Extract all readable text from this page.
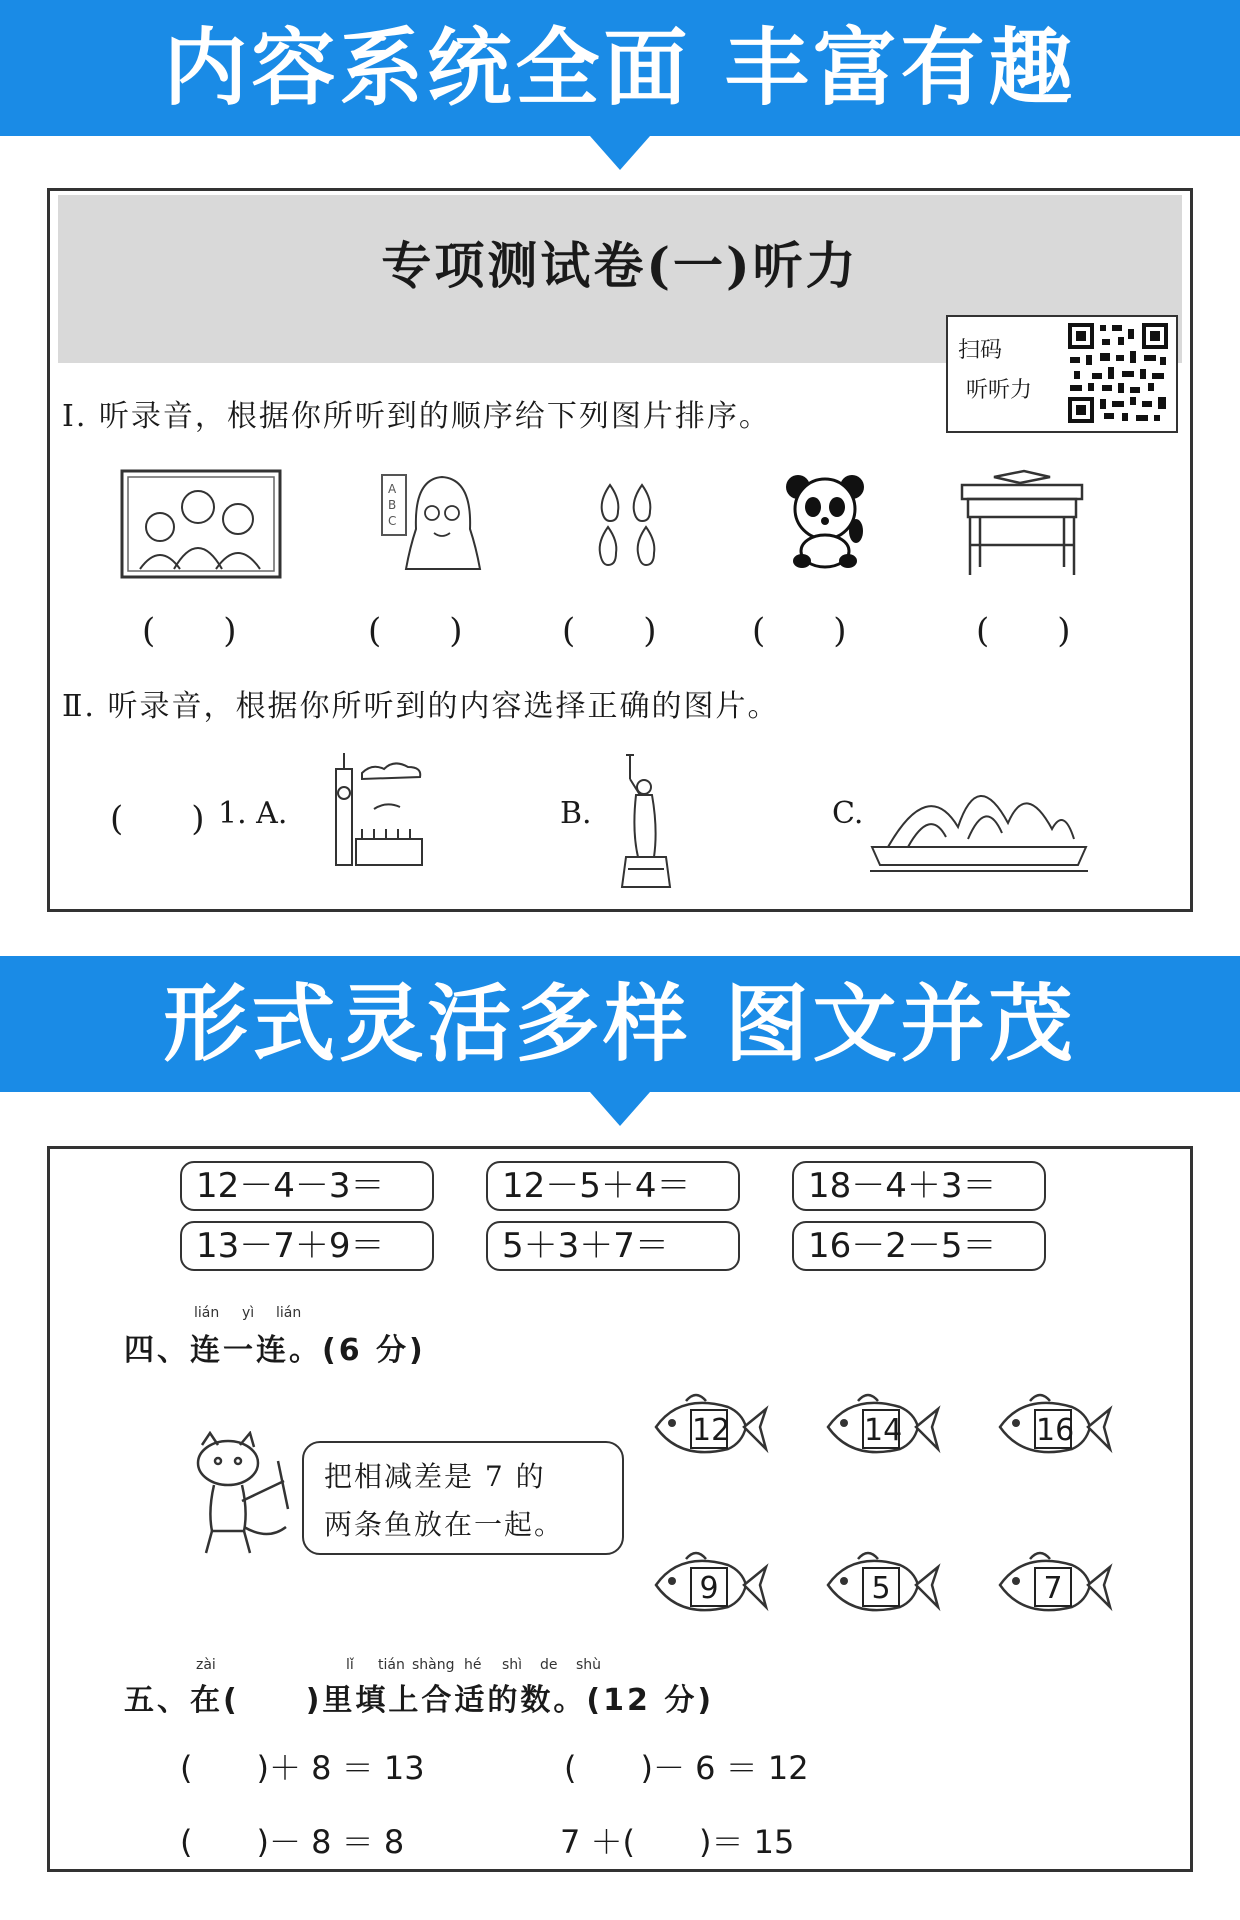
内容系统全面 丰富有趣
专项测试卷(一)听力
扫码
听听力
Ⅰ. 听录音，根据你所听到的顺序给下列图片排序。
A
B
C
(　　)	(　　)	(　　)	(　　)	(　　)
Ⅱ. 听录音，根据你所听到的内容选择正确的图片。
(　　) 1. A.	B.	C.
形式灵活多样 图文并茂
12－4－3＝	12－5＋4＝	18－4＋3＝
13－7＋9＝	5＋3＋7＝	16－2－5＝
lián yì lián
四、连一连。(6 分)
把相减差是 7 的
两条鱼放在一起。
12	14	16
9	5	7
zài	lǐ tián shàng hé shì de shù
五、在(　　)里填上合适的数。(12 分)
(　　)＋ 8 ＝ 13	(　　)－ 6 ＝ 12
(　　)－ 8 ＝ 8	7 ＋(　　)＝ 15
